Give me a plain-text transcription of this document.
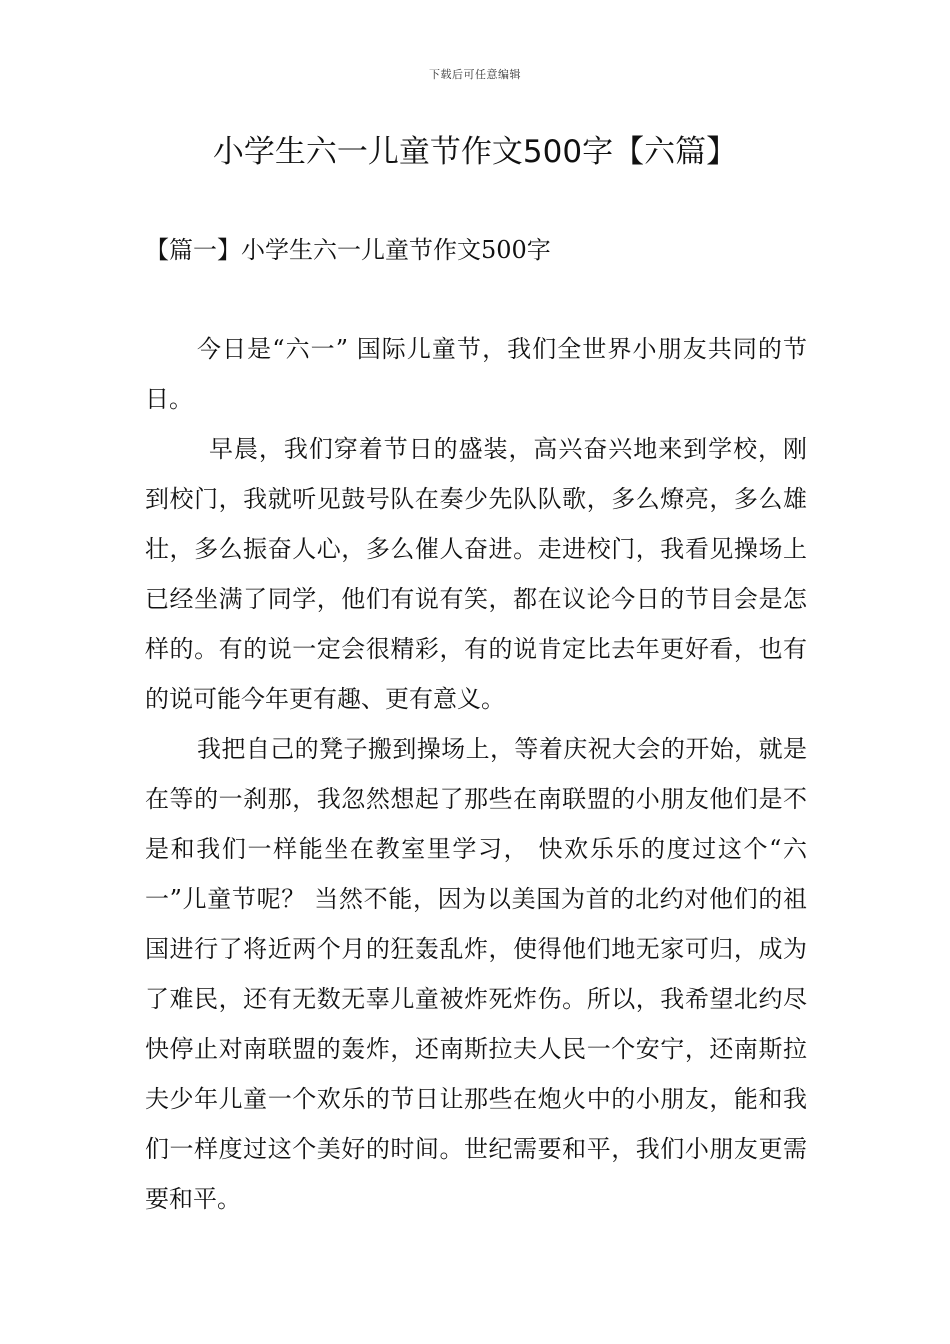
下载后可任意编辑
小学生六一儿童节作文500字【六篇】
【篇一】小学生六一儿童节作文500字

今日是“六一” 国际儿童节，我们全世界小朋友共同的节日。

早晨，我们穿着节日的盛装，高兴奋兴地来到学校，刚到校门，我就听见鼓号队在奏少先队队歌，多么燎亮，多么雄壮，多么振奋人心，多么催人奋进。走进校门，我看见操场上已经坐满了同学，他们有说有笑，都在议论今日的节目会是怎样的。有的说一定会很精彩，有的说肯定比去年更好看，也有的说可能今年更有趣、更有意义。

我把自己的凳子搬到操场上，等着庆祝大会的开始，就是在等的一刹那，我忽然想起了那些在南联盟的小朋友他们是不是和我们一样能坐在教室里学习， 快欢乐乐的度过这个“六一”儿童节呢？ 当然不能，因为以美国为首的北约对他们的祖国进行了将近两个月的狂轰乱炸，使得他们地无家可归，成为了难民，还有无数无辜儿童被炸死炸伤。所以，我希望北约尽快停止对南联盟的轰炸，还南斯拉夫人民一个安宁，还南斯拉夫少年儿童一个欢乐的节日让那些在炮火中的小朋友，能和我们一样度过这个美好的时间。世纪需要和平，我们小朋友更需要和平。
